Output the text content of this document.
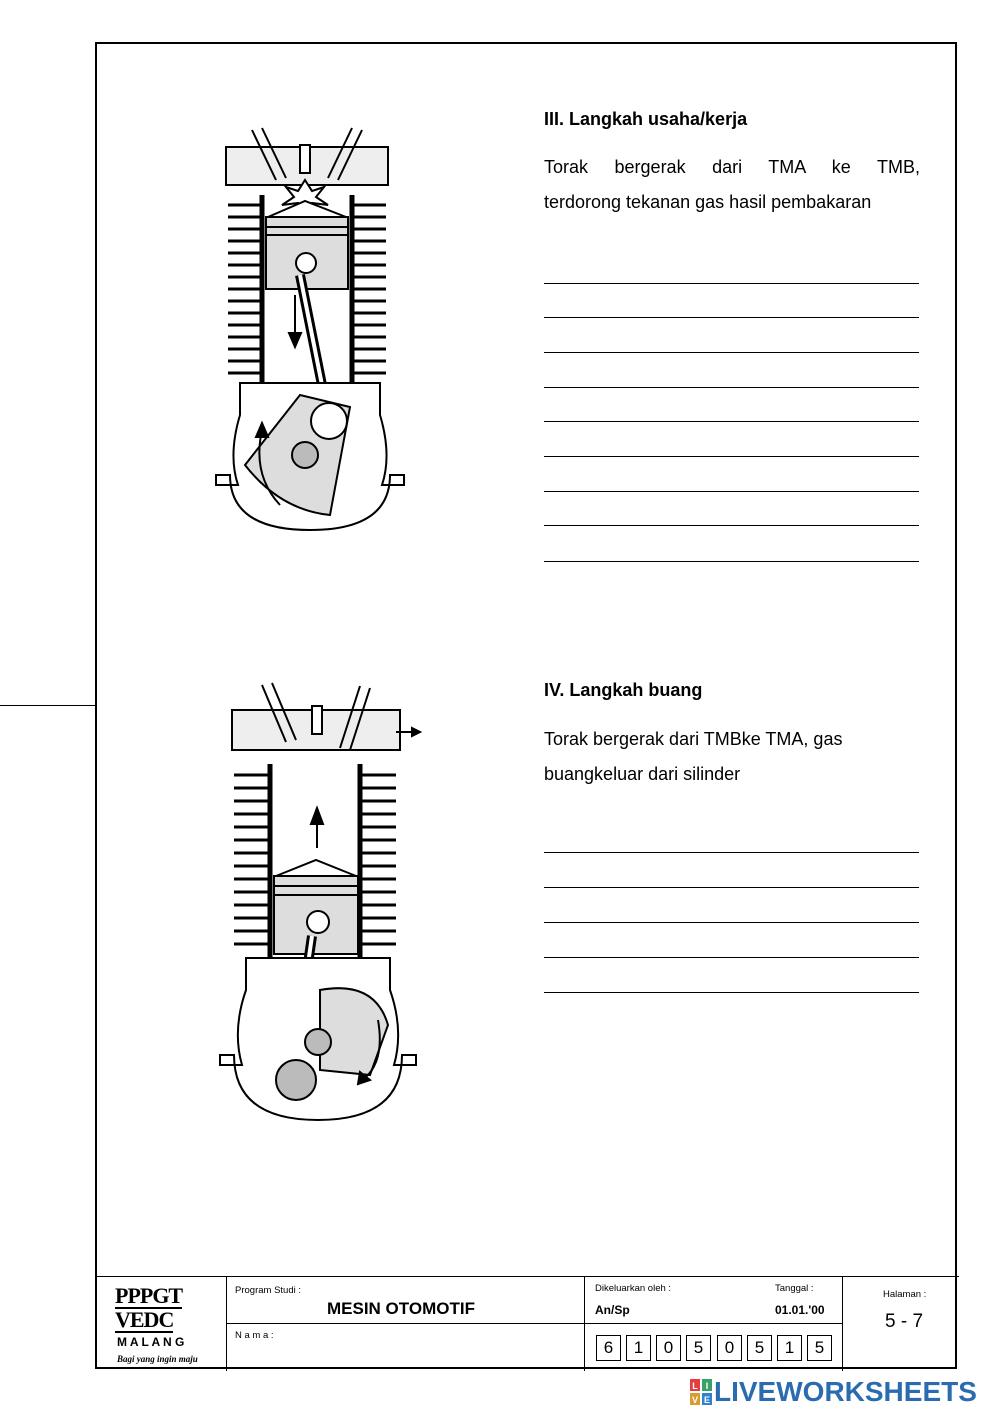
III. Langkah usaha/kerja
Torak bergerak dari TMA ke TMB,
terdorong tekanan gas hasil pembakaran
IV. Langkah buang
Torak bergerak dari TMBke TMA, gas
buangkeluar dari silinder
PPPGT
VEDC
M A L A N G
Bagi yang ingin maju
Program Studi :
MESIN OTOMOTIF
N a m a :
Dikeluarkan oleh :
An/Sp
Tanggal :
01.01.'00
Halaman :
5 - 7
6	1	0	5	0	5	1	5
L I
V E LIVEWORKSHEETS
